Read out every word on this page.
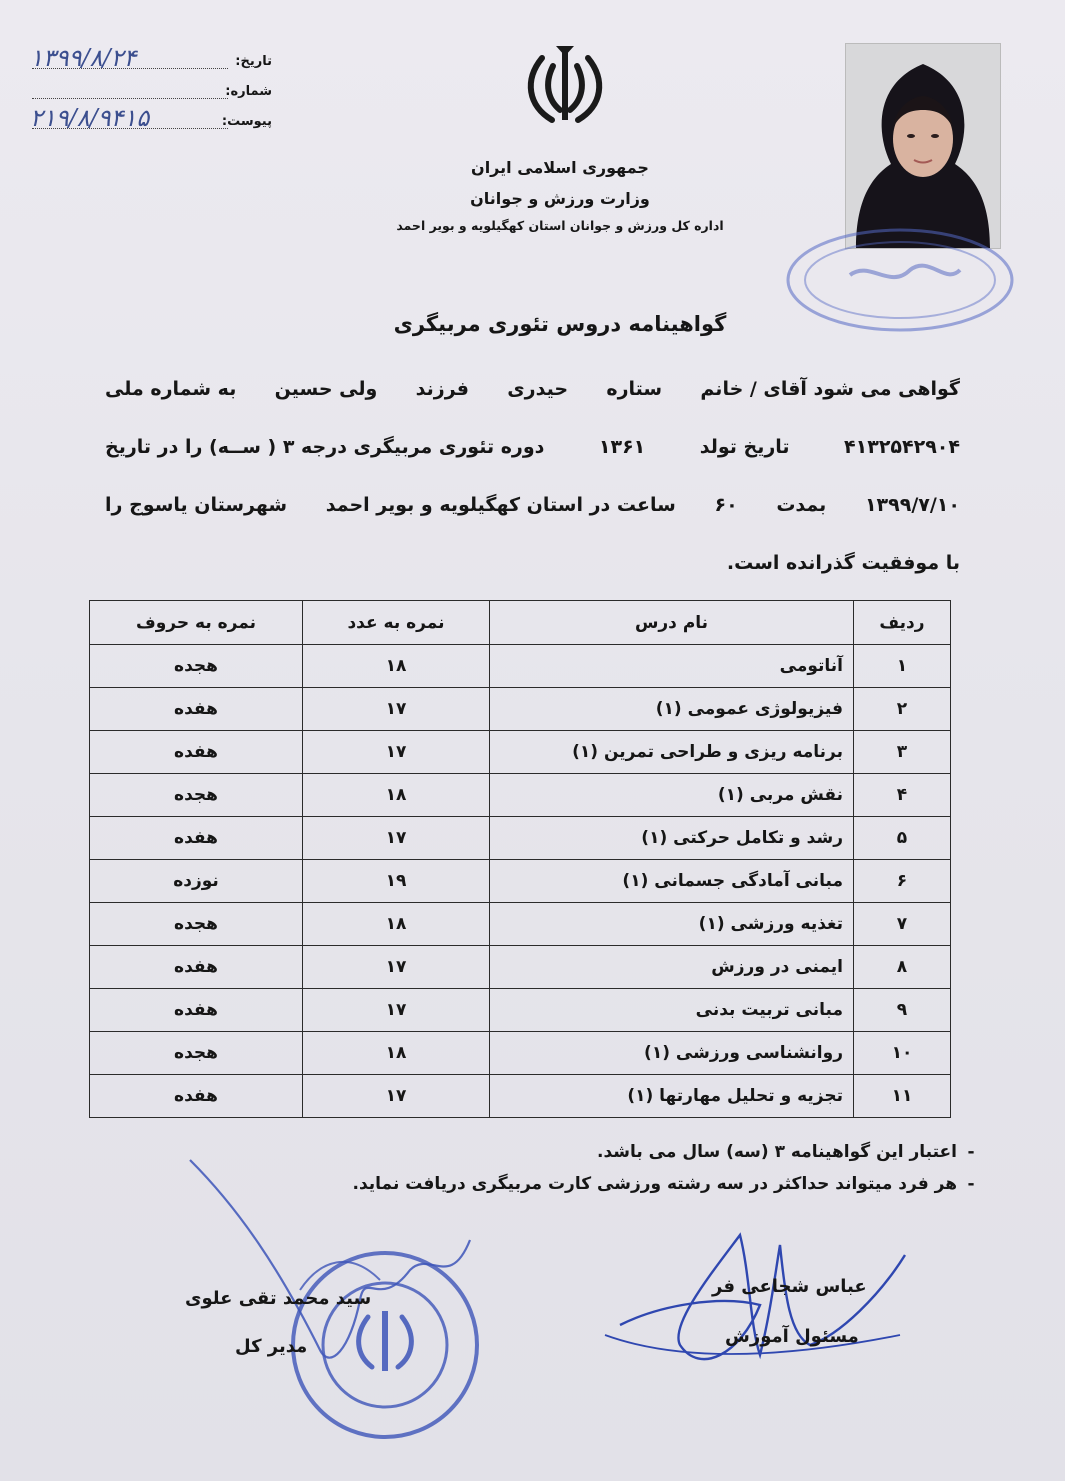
تاریخ:
۱۳۹۹/۸/۲۴
شماره:
پیوست:
۲۱۹/۸/۹۴۱۵
جمهوری اسلامی ایران
وزارت ورزش و جوانان
اداره کل ورزش و جوانان استان کهگیلویه و بویر احمد
گواهینامه دروس تئوری مربیگری
گواهی می شود آقای / خانم
ستاره
حیدری
فرزند
ولی حسین
به شماره ملی
۴۱۳۲۵۴۲۹۰۴
تاریخ تولد
۱۳۶۱
دوره تئوری مربیگری درجه ۳ ( ســه) را در تاریخ
۱۳۹۹/۷/۱۰
بمدت
۶۰
ساعت در استان کهگیلویه و بویر احمد
شهرستان یاسوج را
با موفقیت گذرانده است.
ردیف	نام درس	نمره به عدد	نمره به حروف
۱	آناتومی	۱۸	هجده
۲	فیزیولوژی عمومی (۱)	۱۷	هفده
۳	برنامه ریزی و طراحی تمرین (۱)	۱۷	هفده
۴	نقش مربی (۱)	۱۸	هجده
۵	رشد و تکامل حرکتی (۱)	۱۷	هفده
۶	مبانی آمادگی جسمانی (۱)	۱۹	نوزده
۷	تغذیه ورزشی (۱)	۱۸	هجده
۸	ایمنی در ورزش	۱۷	هفده
۹	مبانی تربیت بدنی	۱۷	هفده
۱۰	روانشناسی ورزشی (۱)	۱۸	هجده
۱۱	تجزیه و تحلیل مهارتها (۱)	۱۷	هفده
-
اعتبار این گواهینامه ۳ (سه) سال می باشد.
-
هر فرد میتواند حداکثر در سه رشته ورزشی کارت مربیگری دریافت نماید.
سید محمد تقی علوی
مدیر کل
عباس شجاعی فر
مسئول آموزش
